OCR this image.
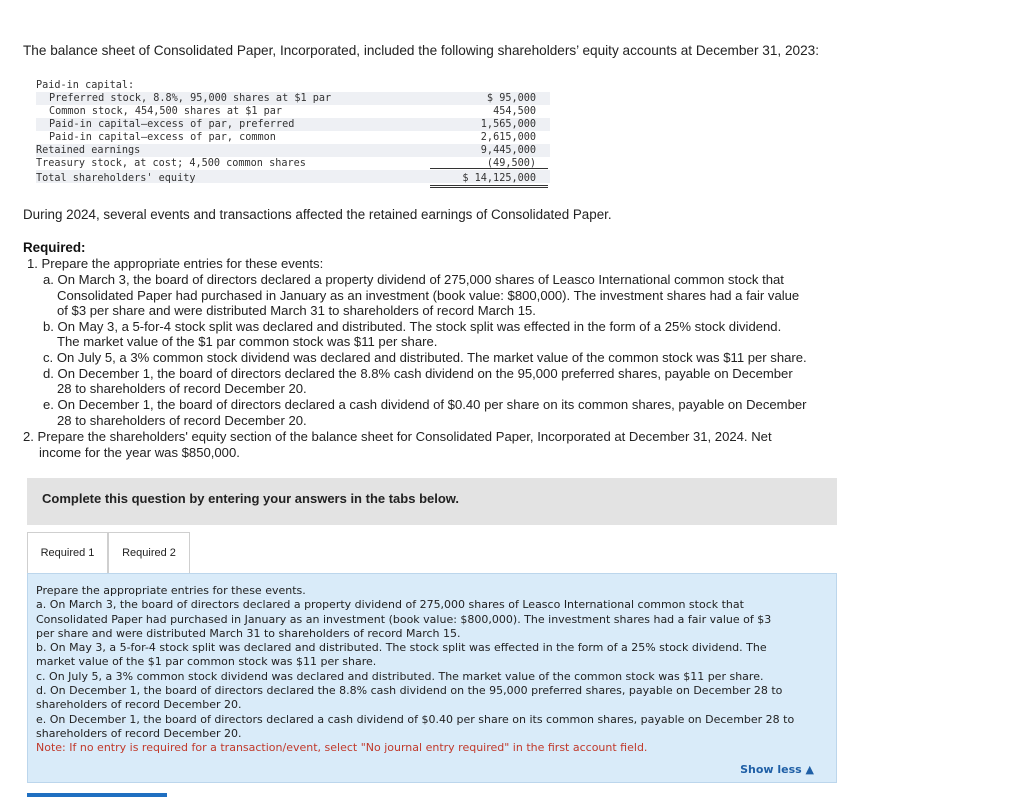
The balance sheet of Consolidated Paper, Incorporated, included the following shareholders’ equity accounts at December 31, 2023:
Paid-in capital:
Preferred stock, 8.8%, 95,000 shares at $1 par	$ 95,000
Common stock, 454,500 shares at $1 par	454,500
Paid-in capital—excess of par, preferred	1,565,000
Paid-in capital—excess of par, common	2,615,000
Retained earnings	9,445,000
Treasury stock, at cost; 4,500 common shares	(49,500)
Total shareholders' equity	$ 14,125,000
During 2024, several events and transactions affected the retained earnings of Consolidated Paper.
Required:
1. Prepare the appropriate entries for these events:
a. On March 3, the board of directors declared a property dividend of 275,000 shares of Leasco International common stock that
Consolidated Paper had purchased in January as an investment (book value: $800,000). The investment shares had a fair value
of $3 per share and were distributed March 31 to shareholders of record March 15.
b. On May 3, a 5-for-4 stock split was declared and distributed. The stock split was effected in the form of a 25% stock dividend.
The market value of the $1 par common stock was $11 per share.
c. On July 5, a 3% common stock dividend was declared and distributed. The market value of the common stock was $11 per share.
d. On December 1, the board of directors declared the 8.8% cash dividend on the 95,000 preferred shares, payable on December
28 to shareholders of record December 20.
e. On December 1, the board of directors declared a cash dividend of $0.40 per share on its common shares, payable on December
28 to shareholders of record December 20.
2. Prepare the shareholders' equity section of the balance sheet for Consolidated Paper, Incorporated at December 31, 2024. Net
income for the year was $850,000.
Complete this question by entering your answers in the tabs below.
Required 1	Required 2
Prepare the appropriate entries for these events.
a. On March 3, the board of directors declared a property dividend of 275,000 shares of Leasco International common stock that
Consolidated Paper had purchased in January as an investment (book value: $800,000). The investment shares had a fair value of $3
per share and were distributed March 31 to shareholders of record March 15.
b. On May 3, a 5-for-4 stock split was declared and distributed. The stock split was effected in the form of a 25% stock dividend. The
market value of the $1 par common stock was $11 per share.
c. On July 5, a 3% common stock dividend was declared and distributed. The market value of the common stock was $11 per share.
d. On December 1, the board of directors declared the 8.8% cash dividend on the 95,000 preferred shares, payable on December 28 to
shareholders of record December 20.
e. On December 1, the board of directors declared a cash dividend of $0.40 per share on its common shares, payable on December 28 to
shareholders of record December 20.
Note: If no entry is required for a transaction/event, select "No journal entry required" in the first account field.
Show less ▲
